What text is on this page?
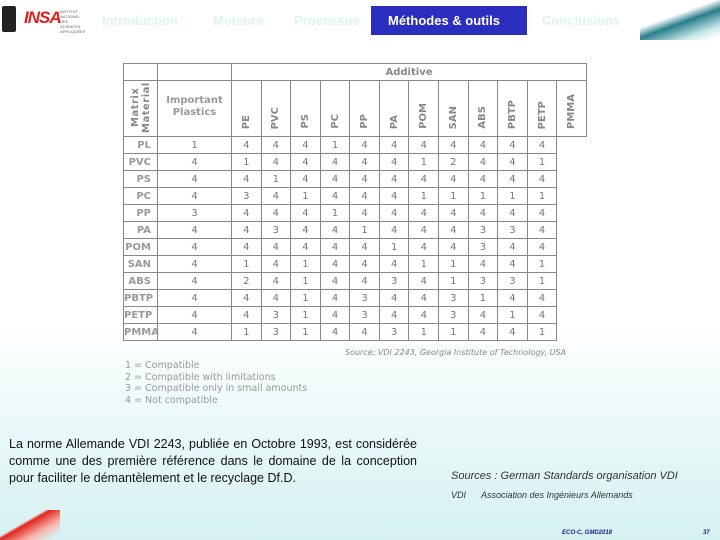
INSA INSTITUT NATIONAL DES SCIENCES APPLIQUÉES
Introduction	Moteurs Processus	Méthodes & outils	Conclusions
		Additive											
Matrix Material	Important Plastics	PE	PVC	PS	PC	PP	PA	POM	SAN	ABS	PBTP	PETP	PMMA
PL	1	4	4	4	1	4	4	4	4	4	4	4	
PVC	4	1	4	4	4	4	4	1	2	4	4	1	
PS	4	4	1	4	4	4	4	4	4	4	4	4	
PC	4	3	4	1	4	4	4	1	1	1	1	1	
PP	3	4	4	4	1	4	4	4	4	4	4	4	
PA	4	4	3	4	4	1	4	4	4	3	3	4	
POM	4	4	4	4	4	4	1	4	4	3	4	4	
SAN	4	1	4	1	4	4	4	1	1	4	4	1	
ABS	4	2	4	1	4	4	3	4	1	3	3	1	
PBTP	4	4	4	1	4	3	4	4	3	1	4	4	
PETP	4	4	3	1	4	3	4	4	3	4	1	4	
PMMA	4	1	3	1	4	4	3	1	1	4	4	1	
Source: VDI 2243, Georgia Institute of Technology, USA
1 = Compatible
2 = Compatible with limitations
3 = Compatible only in small amounts
4 = Not compatible
La norme Allemande VDI 2243, publiée en Octobre 1993, est considérée comme une des première référence dans le domaine de la conception pour faciliter le démantèlement et le recyclage Df.D.	Sources : German Standards organisation VDI
VDI Association des Ingénieurs Allemands
ECO-C, GMD2018	37
